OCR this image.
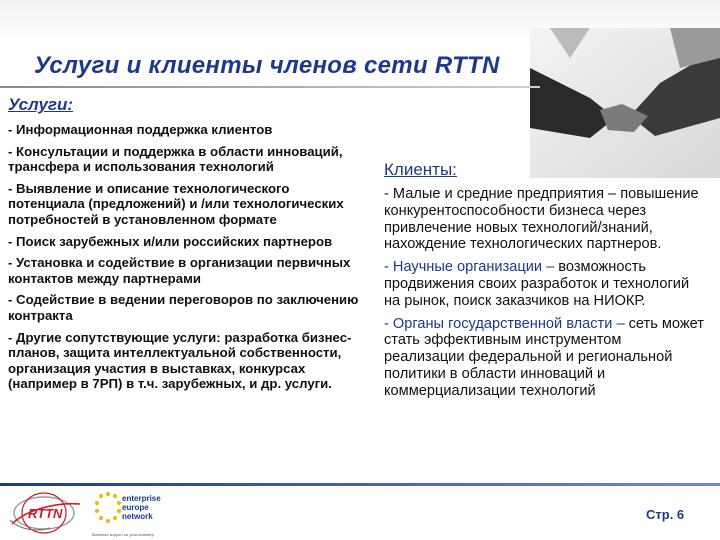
Услуги и клиенты членов сети RTTN
Услуги:
- Информационная поддержка клиентов
- Консультации и поддержка в области инноваций, трансфера и использования технологий
- Выявление и описание технологического потенциала (предложений) и /или технологических потребностей в установленном формате
- Поиск зарубежных и/или российских партнеров
- Установка и содействие в организации первичных контактов между партнерами
- Содействие в ведении переговоров по заключению контракта
- Другие сопутствующие услуги: разработка бизнес-планов, защита интеллектуальной собственности, организация участия в выставках, конкурсах (например в 7РП) в т.ч. зарубежных, и др. услуги.
Клиенты:
- Малые и средние предприятия – повышение конкурентоспособности бизнеса через привлечение новых технологий/знаний, нахождение технологических партнеров.
- Научные организации – возможность продвижения своих разработок и технологий на рынок, поиск заказчиков на НИОКР.
- Органы государственной власти – сеть может стать эффективным инструментом реализации федеральной и региональной политики в области инноваций и коммерциализации технологий
RTTN
enterprise
europe
network
Business support on your doorstep
Стр. 6
